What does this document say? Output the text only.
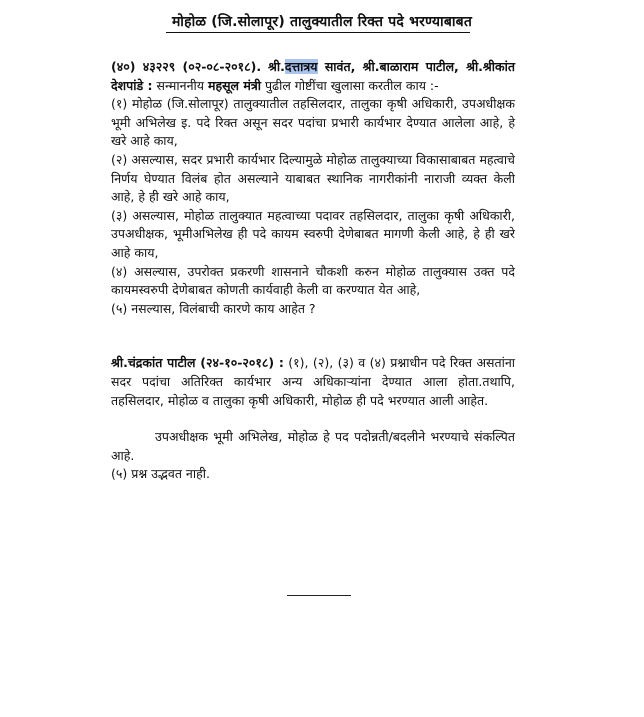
मोहोळ (जि.सोलापूर) तालुक्यातील रिक्त पदे भरण्याबाबत

(४०) ४३२२९ (०२-०८-२०१८). श्री.दत्तात्रय सावंत, श्री.बाळाराम पाटील, श्री.श्रीकांत देशपांडे : सन्माननीय महसूल मंत्री पुढील गोष्टींचा खुलासा करतील काय :-

(१) मोहोळ (जि.सोलापूर) तालुक्यातील तहसिलदार, तालुका कृषी अधिकारी, उपअधीक्षक भूमी अभिलेख इ. पदे रिक्त असून सदर पदांचा प्रभारी कार्यभार देण्यात आलेला आहे, हे खरे आहे काय,

(२) असल्यास, सदर प्रभारी कार्यभार दिल्यामुळे मोहोळ तालुक्याच्या विकासाबाबत महत्वाचे निर्णय घेण्यात विलंब होत असल्याने याबाबत स्थानिक नागरीकांनी नाराजी व्यक्त केली आहे, हे ही खरे आहे काय,

(३) असल्यास, मोहोळ तालुक्यात महत्वाच्या पदावर तहसिलदार, तालुका कृषी अधिकारी, उपअधीक्षक, भूमीअभिलेख ही पदे कायम स्वरुपी देणेबाबत मागणी केली आहे, हे ही खरे आहे काय,

(४) असल्यास, उपरोक्त प्रकरणी शासनाने चौकशी करुन मोहोळ तालुक्यास उक्त पदे कायमस्वरुपी देणेबाबत कोणती कार्यवाही केली वा करण्यात येत आहे,

(५) नसल्यास, विलंबाची कारणे काय आहेत ?

श्री.चंद्रकांत पाटील (२४-१०-२०१८) : (१), (२), (३) व (४) प्रश्नाधीन पदे रिक्त असतांना सदर पदांचा अतिरिक्त कार्यभार अन्य अधिकाऱ्यांना देण्यात आला होता.तथापि, तहसिलदार, मोहोळ व तालुका कृषी अधिकारी, मोहोळ ही पदे भरण्यात आली आहेत.

उपअधीक्षक भूमी अभिलेख, मोहोळ हे पद पदोन्नती/बदलीने भरण्याचे संकल्पित आहे.

(५) प्रश्न उद्भवत नाही.
